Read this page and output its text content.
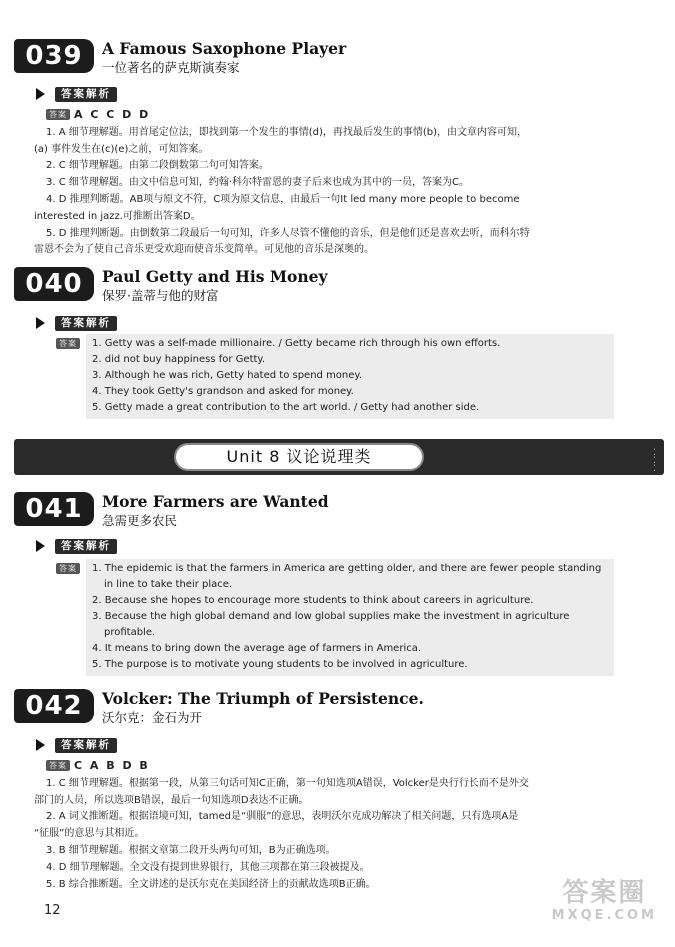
039	A Famous Saxophone Player
一位著名的萨克斯演奏家
答案解析

答案 A C C D D

1. A 细节理解题。用首尾定位法，即找到第一个发生的事情(d)，再找最后发生的事情(b)，由文章内容可知，

(a) 事件发生在(c)(e)之前，可知答案。

2. C 细节理解题。由第二段倒数第二句可知答案。

3. C 细节理解题。由文中信息可知，约翰·科尔特雷恩的妻子后来也成为其中的一员，答案为C。

4. D 推理判断题。AB项与原文不符，C项为原文信息，由最后一句It led many more people to become

interested in jazz.可推断出答案D。

5. D 推理判断题。由倒数第二段最后一句可知，许多人尽管不懂他的音乐，但是他们还是喜欢去听，而科尔特

雷恩不会为了使自己音乐更受欢迎而使音乐变简单。可见他的音乐是深奥的。

040	Paul Getty and His Money
保罗·盖蒂与他的财富
答案解析
答案	1. Getty was a self-made millionaire. / Getty became rich through his own efforts.

2. did not buy happiness for Getty.

3. Although he was rich, Getty hated to spend money.

4. They took Getty's grandson and asked for money.

5. Getty made a great contribution to the art world. / Getty had another side.

Unit 8 议论说理类	⁚
⁚
⁚
041	More Farmers are Wanted
急需更多农民
答案解析
答案	1. The epidemic is that the farmers in America are getting older, and there are fewer people standing in line to take their place.

2. Because she hopes to encourage more students to think about careers in agriculture.

3. Because the high global demand and low global supplies make the investment in agriculture profitable.

4. It means to bring down the average age of farmers in America.

5. The purpose is to motivate young students to be involved in agriculture.

042	Volcker: The Triumph of Persistence.
沃尔克：金石为开
答案解析

答案 C A B D B

1. C 细节理解题。根据第一段，从第三句话可知C正确，第一句知选项A错误，Volcker是央行行长而不是外交

部门的人员，所以选项B错误，最后一句知选项D表达不正确。

2. A 词义推断题。根据语境可知，tamed是“驯服”的意思，表明沃尔克成功解决了相关问题，只有选项A是

“征服”的意思与其相近。

3. B 细节理解题。根据文章第二段开头两句可知，B为正确选项。

4. D 细节理解题。全文没有提到世界银行，其他三项都在第三段被提及。

5. B 综合推断题。全文讲述的是沃尔克在美国经济上的贡献故选项B正确。

12
答案圈
MXQE.COM
